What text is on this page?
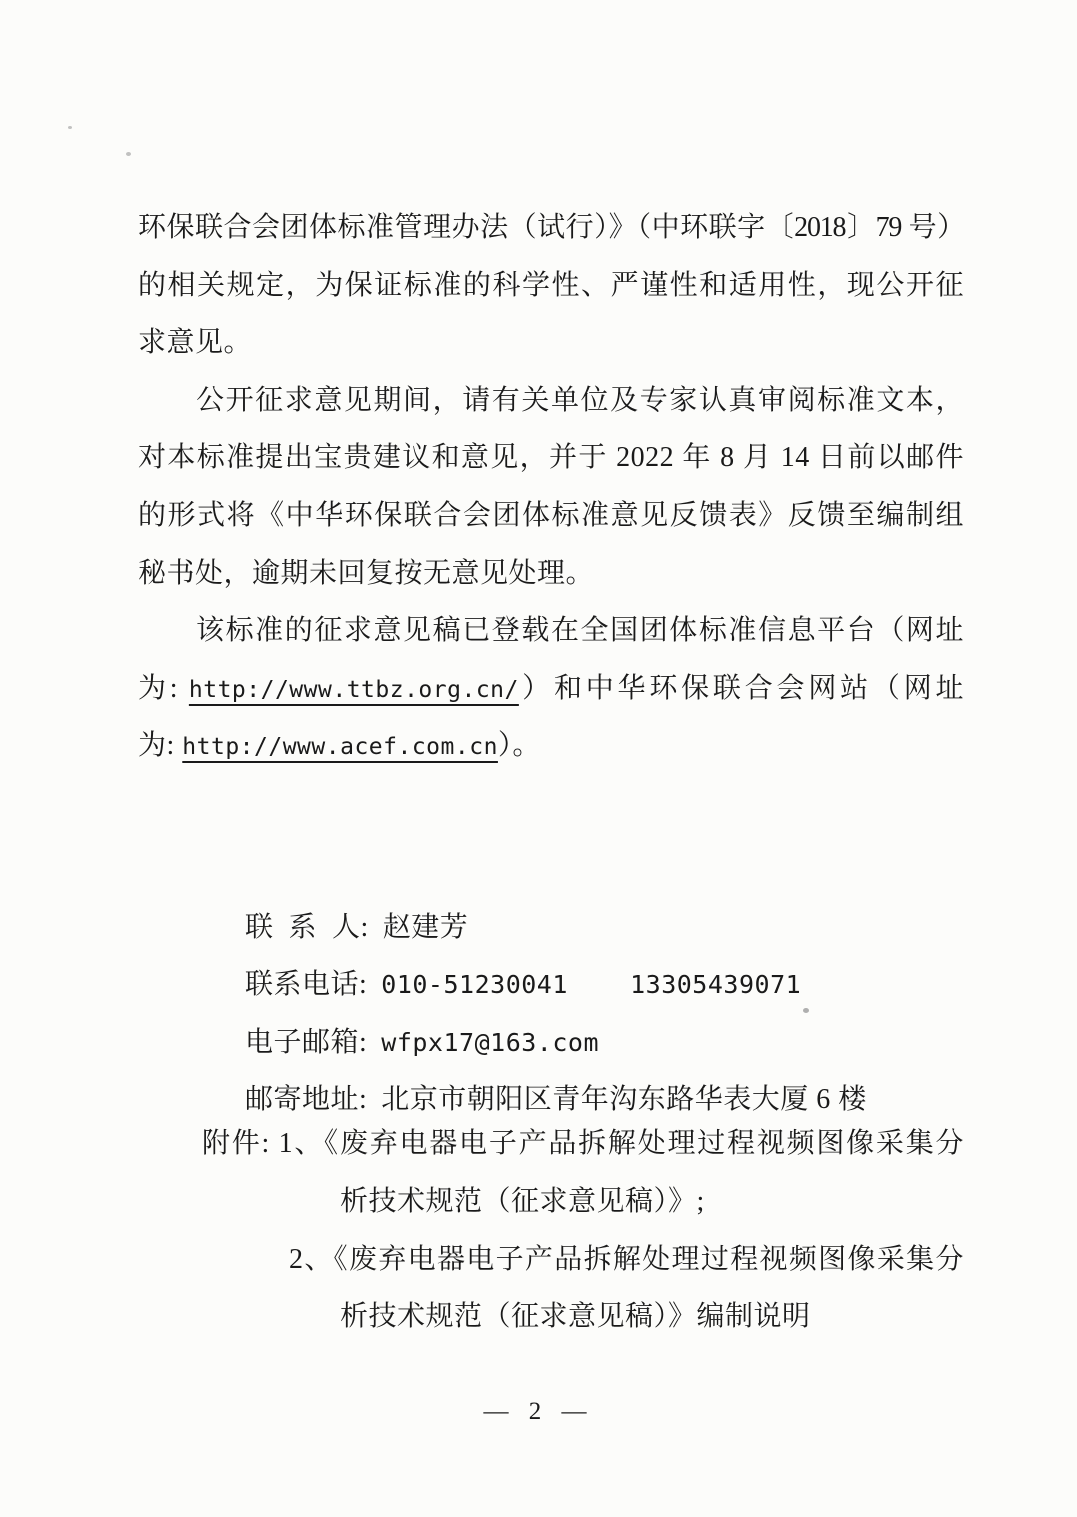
环保联合会团体标准管理办法（试行）》（中环联字〔2018〕79 号）
的相关规定，为保证标准的科学性、严谨性和适用性，现公开征
求意见。
公开征求意见期间，请有关单位及专家认真审阅标准文本，
对本标准提出宝贵建议和意见，并于 2022 年 8 月 14 日前以邮件
的形式将《中华环保联合会团体标准意见反馈表》反馈至编制组
秘书处，逾期未回复按无意见处理。
该标准的征求意见稿已登载在全国团体标准信息平台（网址
为: http://www.ttbz.org.cn/）和中华环保联合会网站（网址
为: http://www.acef.com.cn）。

联  系  人: 赵建芳

联系电话: 010-51230041    13305439071

电子邮箱: wfpx17@163.com

邮寄地址: 北京市朝阳区青年沟东路华表大厦 6 楼

附件: 1、《废弃电器电子产品拆解处理过程视频图像采集分
析技术规范（征求意见稿）》;
2、《废弃电器电子产品拆解处理过程视频图像采集分
析技术规范（征求意见稿）》编制说明
— 2 —
